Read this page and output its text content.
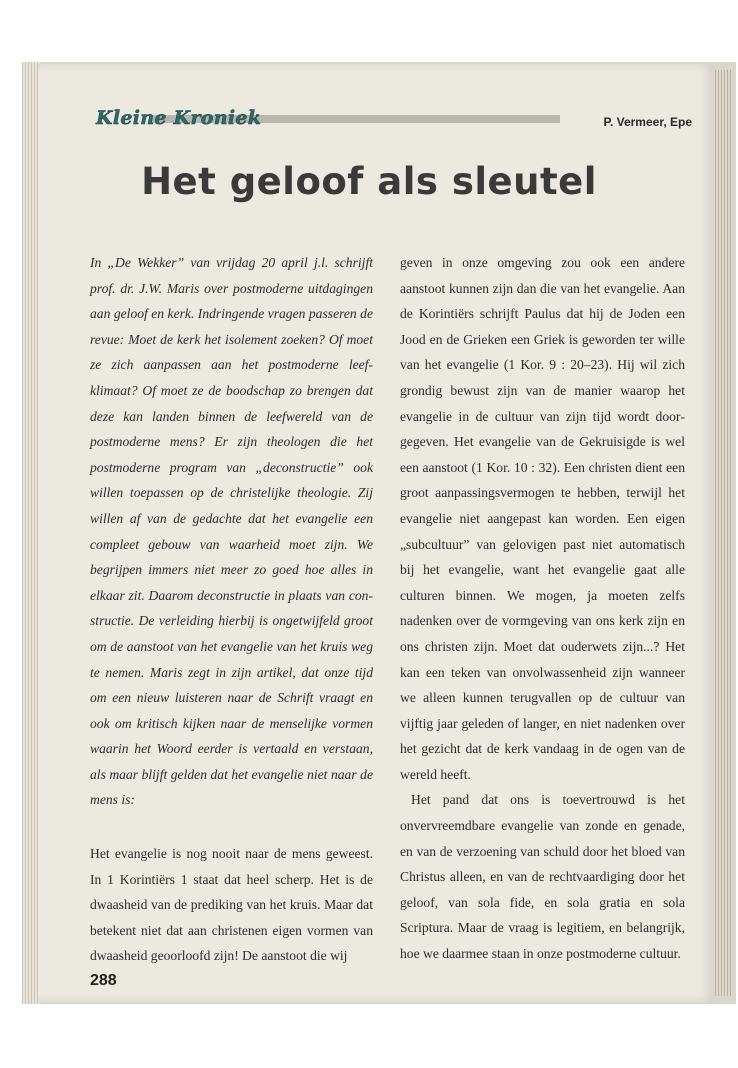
Kleine Kroniek	P. Vermeer, Epe
Het geloof als sleutel

In „De Wekker” van vrijdag 20 april j.l. schrijft prof. dr. J.W. Maris over postmoderne uitdagingen aan geloof en kerk. Indringende vragen passeren de revue: Moet de kerk het isolement zoeken? Of moet ze zich aanpassen aan het postmoderne leefklimaat? Of moet ze de boodschap zo brengen dat deze kan landen binnen de leefwereld van de postmoderne mens? Er zijn theologen die het postmoderne program van „deconstructie” ook willen toepassen op de christelijke theologie. Zij willen af van de gedachte dat het evangelie een compleet gebouw van waarheid moet zijn. We begrijpen immers niet meer zo goed hoe alles in elkaar zit. Daarom deconstructie in plaats van constructie. De verleiding hierbij is ongetwijfeld groot om de aanstoot van het evangelie van het kruis weg te nemen. Maris zegt in zijn artikel, dat onze tijd om een nieuw luisteren naar de Schrift vraagt en ook om kritisch kijken naar de menselijke vormen waarin het Woord eerder is vertaald en verstaan, als maar blijft gelden dat het evangelie niet naar de mens is:

Het evangelie is nog nooit naar de mens geweest. In 1 Korintiërs 1 staat dat heel scherp. Het is de dwaasheid van de prediking van het kruis. Maar dat betekent niet dat aan christenen eigen vormen van dwaasheid geoorloofd zijn! De aanstoot die wij

geven in onze omgeving zou ook een andere aanstoot kunnen zijn dan die van het evangelie. Aan de Korintiërs schrijft Paulus dat hij de Joden een Jood en de Grieken een Griek is geworden ter wille van het evangelie (1 Kor. 9 : 20–23). Hij wil zich grondig bewust zijn van de manier waarop het evangelie in de cultuur van zijn tijd wordt doorgegeven. Het evangelie van de Gekruisigde is wel een aanstoot (1 Kor. 10 : 32). Een christen dient een groot aanpassingsvermogen te hebben, terwijl het evangelie niet aangepast kan worden. Een eigen „subcultuur” van gelovigen past niet automatisch bij het evangelie, want het evangelie gaat alle culturen binnen. We mogen, ja moeten zelfs nadenken over de vormgeving van ons kerk zijn en ons christen zijn. Moet dat ouderwets zijn...? Het kan een teken van onvolwassenheid zijn wanneer we alleen kunnen terugvallen op de cultuur van vijftig jaar geleden of langer, en niet nadenken over het gezicht dat de kerk vandaag in de ogen van de wereld heeft.

Het pand dat ons is toevertrouwd is het onvervreemdbare evangelie van zonde en genade, en van de verzoening van schuld door het bloed van Christus alleen, en van de rechtvaardiging door het geloof, van sola fide, en sola gratia en sola Scriptura. Maar de vraag is legitiem, en belangrijk, hoe we daarmee staan in onze postmoderne cultuur.

288
